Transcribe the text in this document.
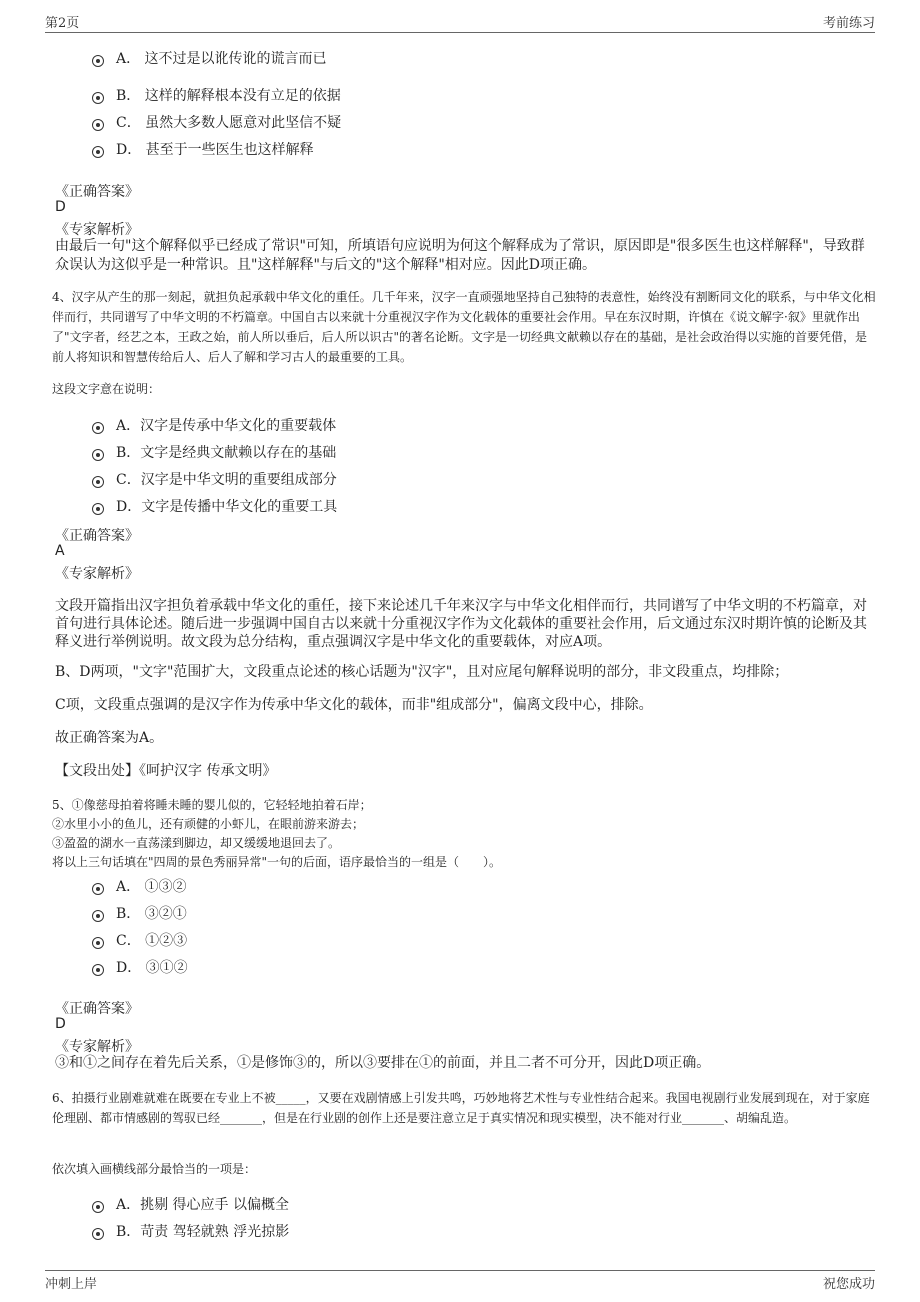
第2页	考前练习
A． 这不过是以讹传讹的谎言而已
B． 这样的解释根本没有立足的依据
C． 虽然大多数人愿意对此坚信不疑
D． 甚至于一些医生也这样解释
《正确答案》
D
《专家解析》
由最后一句"这个解释似乎已经成了常识"可知，所填语句应说明为何这个解释成为了常识，原因即是"很多医生也这样解释"，导致群众误认为这似乎是一种常识。且"这样解释"与后文的"这个解释"相对应。因此D项正确。
4、汉字从产生的那一刻起，就担负起承载中华文化的重任。几千年来，汉字一直顽强地坚持自己独特的表意性，始终没有割断同文化的联系，与中华文化相伴而行，共同谱写了中华文明的不朽篇章。中国自古以来就十分重视汉字作为文化载体的重要社会作用。早在东汉时期，许慎在《说文解字·叙》里就作出了"文字者，经艺之本，王政之始，前人所以垂后，后人所以识古"的著名论断。文字是一切经典文献赖以存在的基础，是社会政治得以实施的首要凭借，是前人将知识和智慧传给后人、后人了解和学习古人的最重要的工具。
这段文字意在说明：
A．汉字是传承中华文化的重要载体
B．文字是经典文献赖以存在的基础
C．汉字是中华文明的重要组成部分
D．文字是传播中华文化的重要工具
《正确答案》
A
《专家解析》
文段开篇指出汉字担负着承载中华文化的重任，接下来论述几千年来汉字与中华文化相伴而行，共同谱写了中华文明的不朽篇章，对首句进行具体论述。随后进一步强调中国自古以来就十分重视汉字作为文化载体的重要社会作用，后文通过东汉时期许慎的论断及其释义进行举例说明。故文段为总分结构，重点强调汉字是中华文化的重要载体，对应A项。
B、D两项，"文字"范围扩大，文段重点论述的核心话题为"汉字"，且对应尾句解释说明的部分，非文段重点，均排除；
C项，文段重点强调的是汉字作为传承中华文化的载体，而非"组成部分"，偏离文段中心，排除。
故正确答案为A。
【文段出处】《呵护汉字 传承文明》
5、①像慈母拍着将睡未睡的婴儿似的，它轻轻地拍着石岸；
②水里小小的鱼儿，还有顽健的小虾儿，在眼前游来游去；
③盈盈的湖水一直荡漾到脚边，却又缓缓地退回去了。
将以上三句话填在"四周的景色秀丽异常"一句的后面，语序最恰当的一组是（　　）。
A． ①③②
B． ③②①
C． ①②③
D． ③①②
《正确答案》
D
《专家解析》
③和①之间存在着先后关系，①是修饰③的，所以③要排在①的前面，并且二者不可分开，因此D项正确。
6、拍摄行业剧难就难在既要在专业上不被_____，又要在戏剧情感上引发共鸣，巧妙地将艺术性与专业性结合起来。我国电视剧行业发展到现在，对于家庭伦理剧、都市情感剧的驾驭已经_______，但是在行业剧的创作上还是要注意立足于真实情况和现实模型，决不能对行业_______、胡编乱造。
依次填入画横线部分最恰当的一项是：
A．挑剔 得心应手 以偏概全
B．苛责 驾轻就熟 浮光掠影
冲刺上岸	祝您成功
